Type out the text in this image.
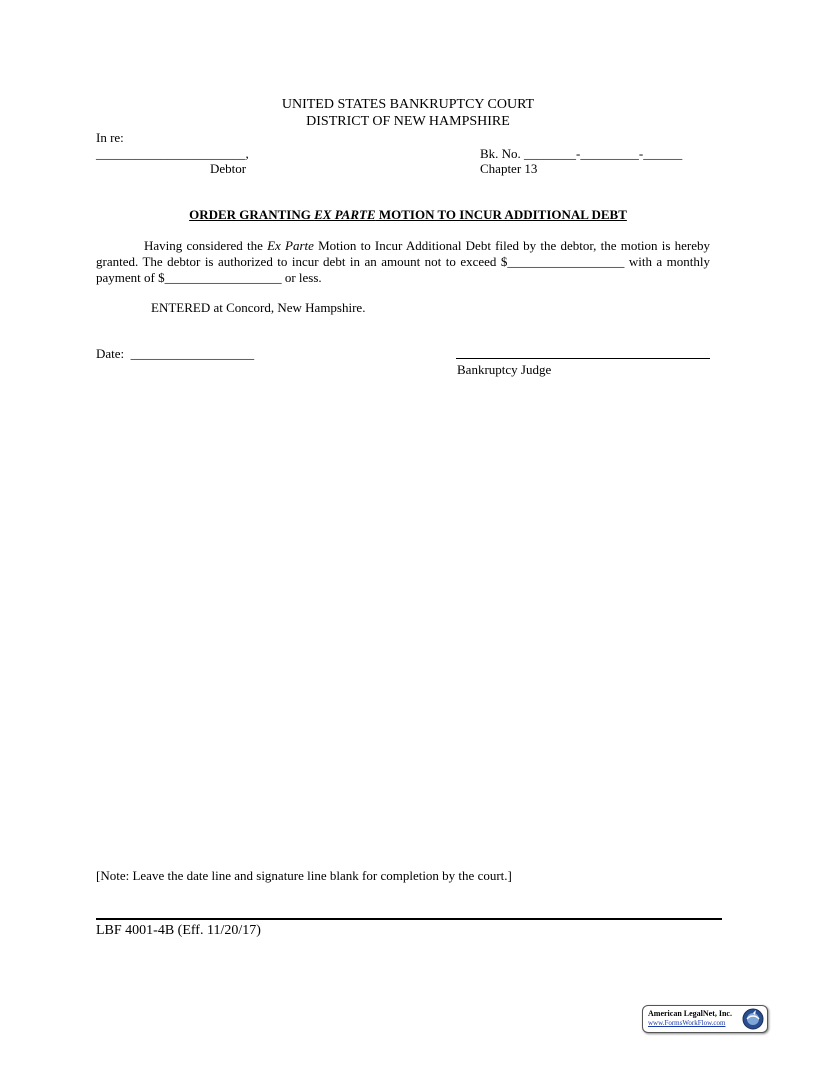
UNITED STATES BANKRUPTCY COURT
DISTRICT OF NEW HAMPSHIRE
In re:
_______________________,
Debtor
Bk. No. ________-_________-______
Chapter 13
ORDER GRANTING EX PARTE MOTION TO INCUR ADDITIONAL DEBT
Having considered the Ex Parte Motion to Incur Additional Debt filed by the debtor, the motion is hereby granted. The debtor is authorized to incur debt in an amount not to exceed $__________________ with a monthly payment of $__________________ or less.
ENTERED at Concord, New Hampshire.
Date:  ___________________
Bankruptcy Judge
[Note: Leave the date line and signature line blank for completion by the court.]
LBF 4001-4B (Eff. 11/20/17)

American LegalNet, Inc.

www.FormsWorkFlow.com
